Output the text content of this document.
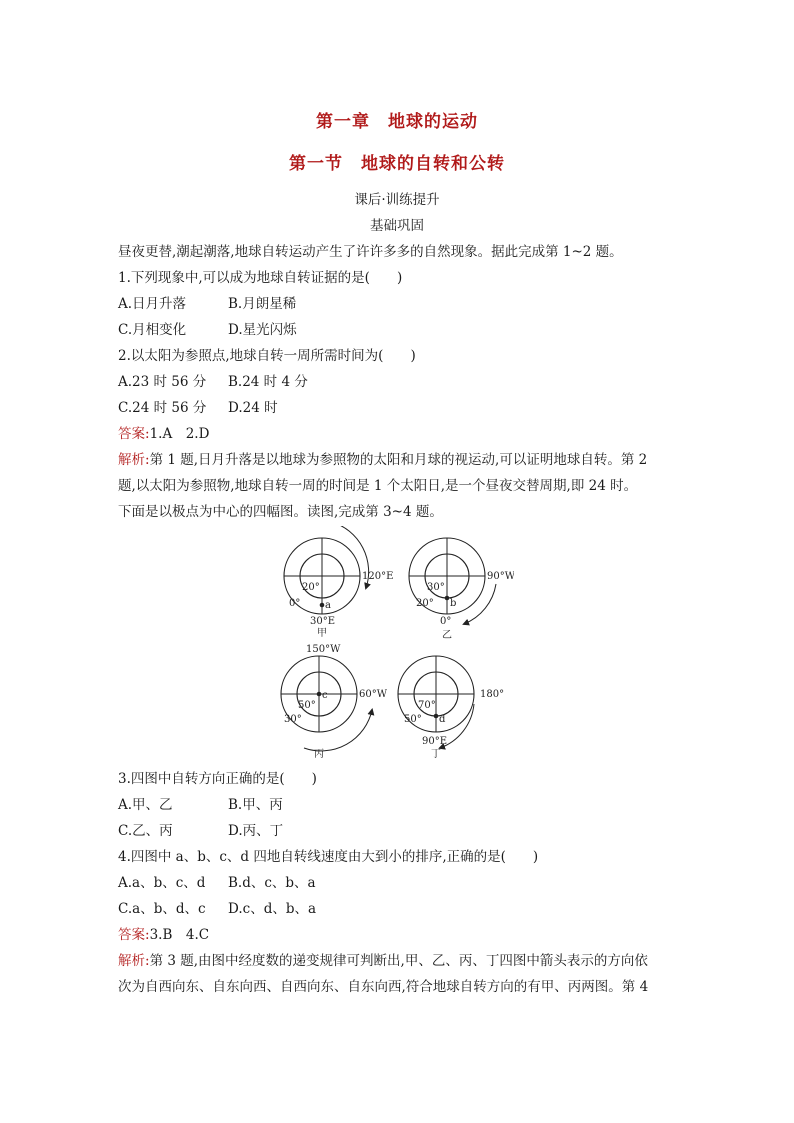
第一章　地球的运动
第一节　地球的自转和公转
课后·训练提升
基础巩固
昼夜更替,潮起潮落,地球自转运动产生了许许多多的自然现象。据此完成第 1~2 题。
1.下列现象中,可以成为地球自转证据的是(　　)
A.日月升落	B.月朗星稀
C.月相变化	D.星光闪烁
2.以太阳为参照点,地球自转一周所需时间为(　　)
A.23 时 56 分 B.24 时 4 分
C.24 时 56 分 D.24 时
答案:1.A　2.D
解析:第 1 题,日月升落是以地球为参照物的太阳和月球的视运动,可以证明地球自转。第 2
题,以太阳为参照物,地球自转一周的时间是 1 个太阳日,是一个昼夜交替周期,即 24 时。
下面是以极点为中心的四幅图。读图,完成第 3~4 题。
20°
120°E
0° a
30°E
甲
30°
20°
90°W
b
0°
乙
150°W
c
50°
30°
60°W
丙
70°
50° d
180°
90°E
丁
3.四图中自转方向正确的是(　　)
A.甲、乙	B.甲、丙
C.乙、丙	D.丙、丁
4.四图中 a、b、c、d 四地自转线速度由大到小的排序,正确的是(　　)
A.a、b、c、d B.d、c、b、a
C.a、b、d、c D.c、d、b、a
答案:3.B　4.C
解析:第 3 题,由图中经度数的递变规律可判断出,甲、乙、丙、丁四图中箭头表示的方向依
次为自西向东、自东向西、自西向东、自东向西,符合地球自转方向的有甲、丙两图。第 4
